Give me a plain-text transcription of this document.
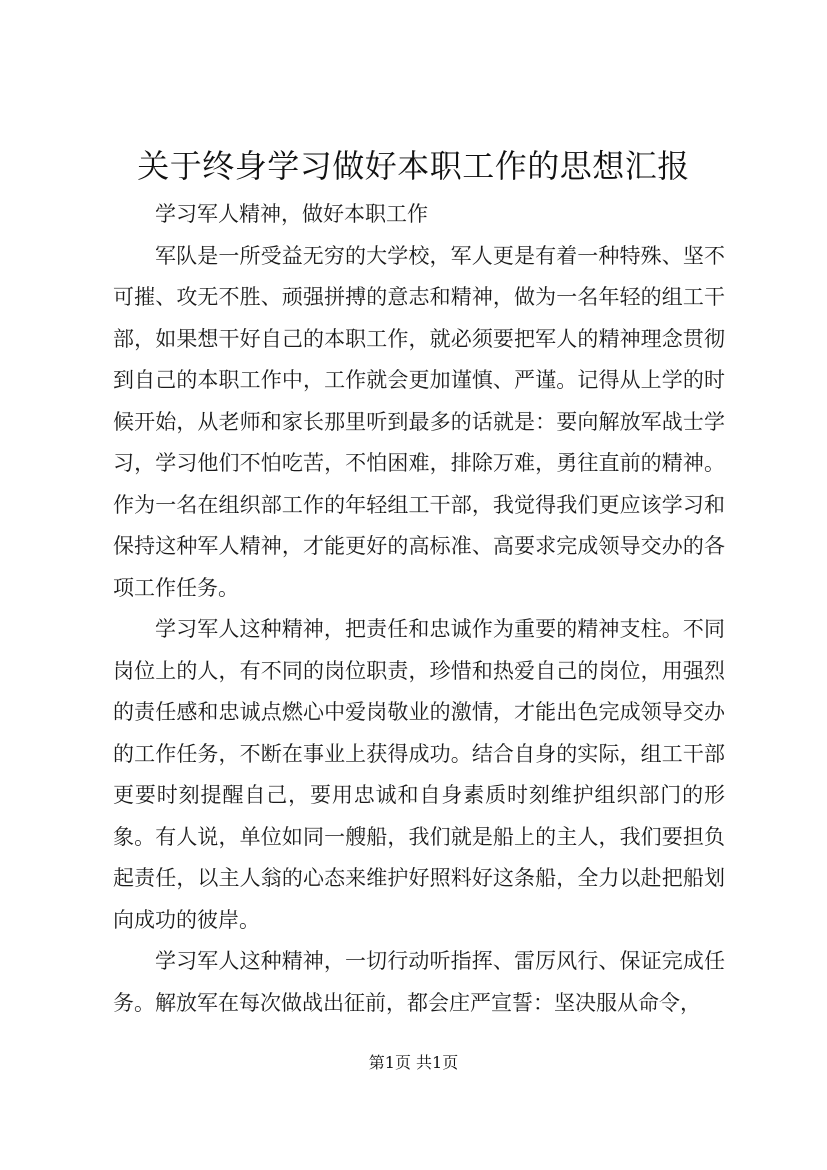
关于终身学习做好本职工作的思想汇报

学习军人精神，做好本职工作

军队是一所受益无穷的大学校，军人更是有着一种特殊、坚不可摧、攻无不胜、顽强拼搏的意志和精神，做为一名年轻的组工干部，如果想干好自己的本职工作，就必须要把军人的精神理念贯彻到自己的本职工作中，工作就会更加谨慎、严谨。记得从上学的时候开始，从老师和家长那里听到最多的话就是：要向解放军战士学习，学习他们不怕吃苦，不怕困难，排除万难，勇往直前的精神。作为一名在组织部工作的年轻组工干部，我觉得我们更应该学习和保持这种军人精神，才能更好的高标准、高要求完成领导交办的各项工作任务。

学习军人这种精神，把责任和忠诚作为重要的精神支柱。不同岗位上的人，有不同的岗位职责，珍惜和热爱自己的岗位，用强烈的责任感和忠诚点燃心中爱岗敬业的激情，才能出色完成领导交办的工作任务，不断在事业上获得成功。结合自身的实际，组工干部更要时刻提醒自己，要用忠诚和自身素质时刻维护组织部门的形象。有人说，单位如同一艘船，我们就是船上的主人，我们要担负起责任，以主人翁的心态来维护好照料好这条船，全力以赴把船划向成功的彼岸。

学习军人这种精神，一切行动听指挥、雷厉风行、保证完成任务。解放军在每次做战出征前，都会庄严宣誓：坚决服从命令，

第1页 共1页
